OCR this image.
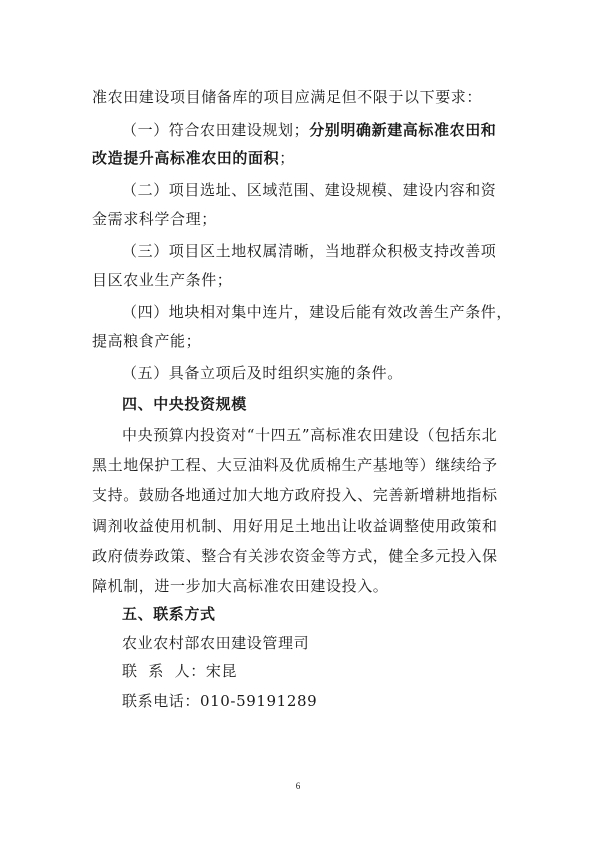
准农田建设项目储备库的项目应满足但不限于以下要求：
（一）符合农田建设规划；分别明确新建高标准农田和
改造提升高标准农田的面积；
（二）项目选址、区域范围、建设规模、建设内容和资
金需求科学合理；
（三）项目区土地权属清晰，当地群众积极支持改善项
目区农业生产条件；
（四）地块相对集中连片，建设后能有效改善生产条件，
提高粮食产能；
（五）具备立项后及时组织实施的条件。
四、中央投资规模
中央预算内投资对“十四五”高标准农田建设（包括东北
黑土地保护工程、大豆油料及优质棉生产基地等）继续给予
支持。鼓励各地通过加大地方政府投入、完善新增耕地指标
调剂收益使用机制、用好用足土地出让收益调整使用政策和
政府债券政策、整合有关涉农资金等方式，健全多元投入保
障机制，进一步加大高标准农田建设投入。
五、联系方式
农业农村部农田建设管理司
联  系  人：宋昆
联系电话：010-59191289
6
